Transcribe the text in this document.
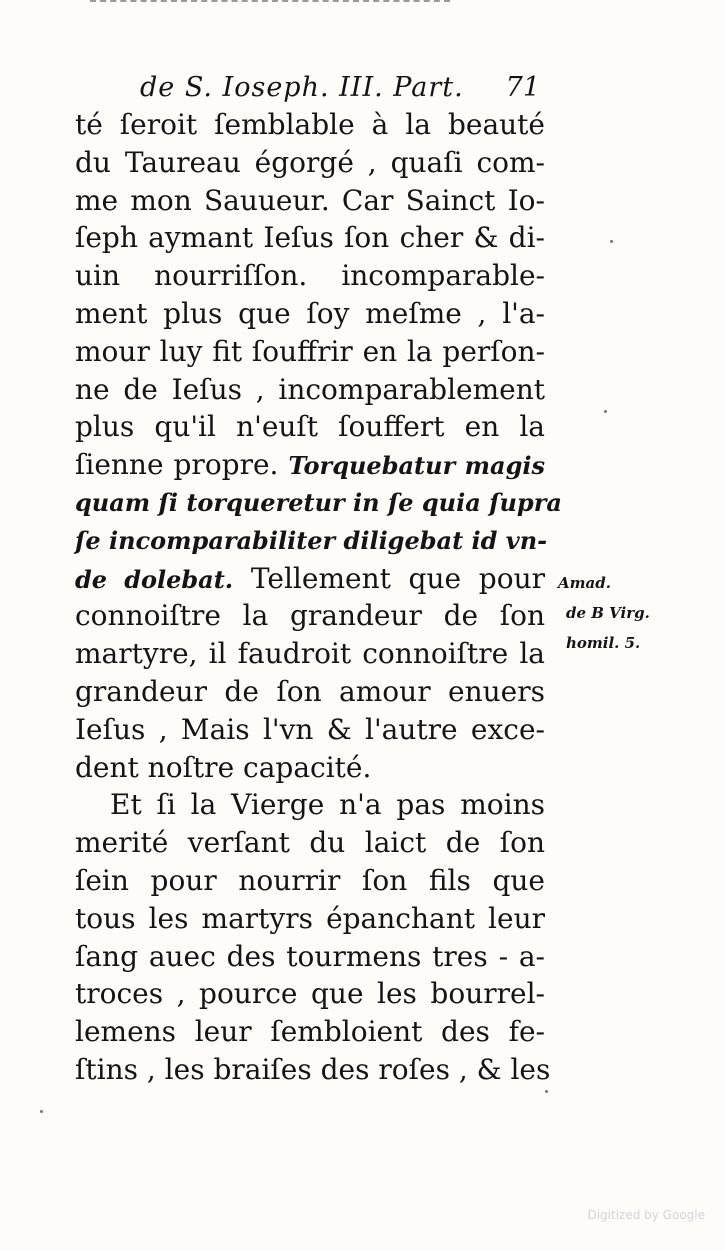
de S. Ioseph. III. Part. 71
té ſeroit ſemblable à la beauté
du Taureau égorgé , quaſi com-
me mon Sauueur. Car Sainct Io-
ſeph aymant Ieſus ſon cher & di-
uin nourriſſon. incomparable-
ment plus que ſoy meſme , l'a-
mour luy fit ſouffrir en la perſon-
ne de Ieſus , incomparablement
plus qu'il n'euſt ſouffert en la
ſienne propre. Torquebatur magis
quam ſi torqueretur in ſe quia ſupra
ſe incomparabiliter diligebat id vn-
de dolebat. Tellement que pour
connoiſtre la grandeur de ſon
martyre, il faudroit connoiſtre la
grandeur de ſon amour enuers
Ieſus , Mais l'vn & l'autre exce-
dent noſtre capacité.
Et ſi la Vierge n'a pas moins
merité verſant du laict de ſon
ſein pour nourrir ſon fils que
tous les martyrs épanchant leur
ſang auec des tourmens tres - a-
troces , pource que les bourrel-
lemens leur ſembloient des fe-
ſtins , les braiſes des roſes , & les
Amad.
de B Virg.
homil. 5.
Digitized by Google
